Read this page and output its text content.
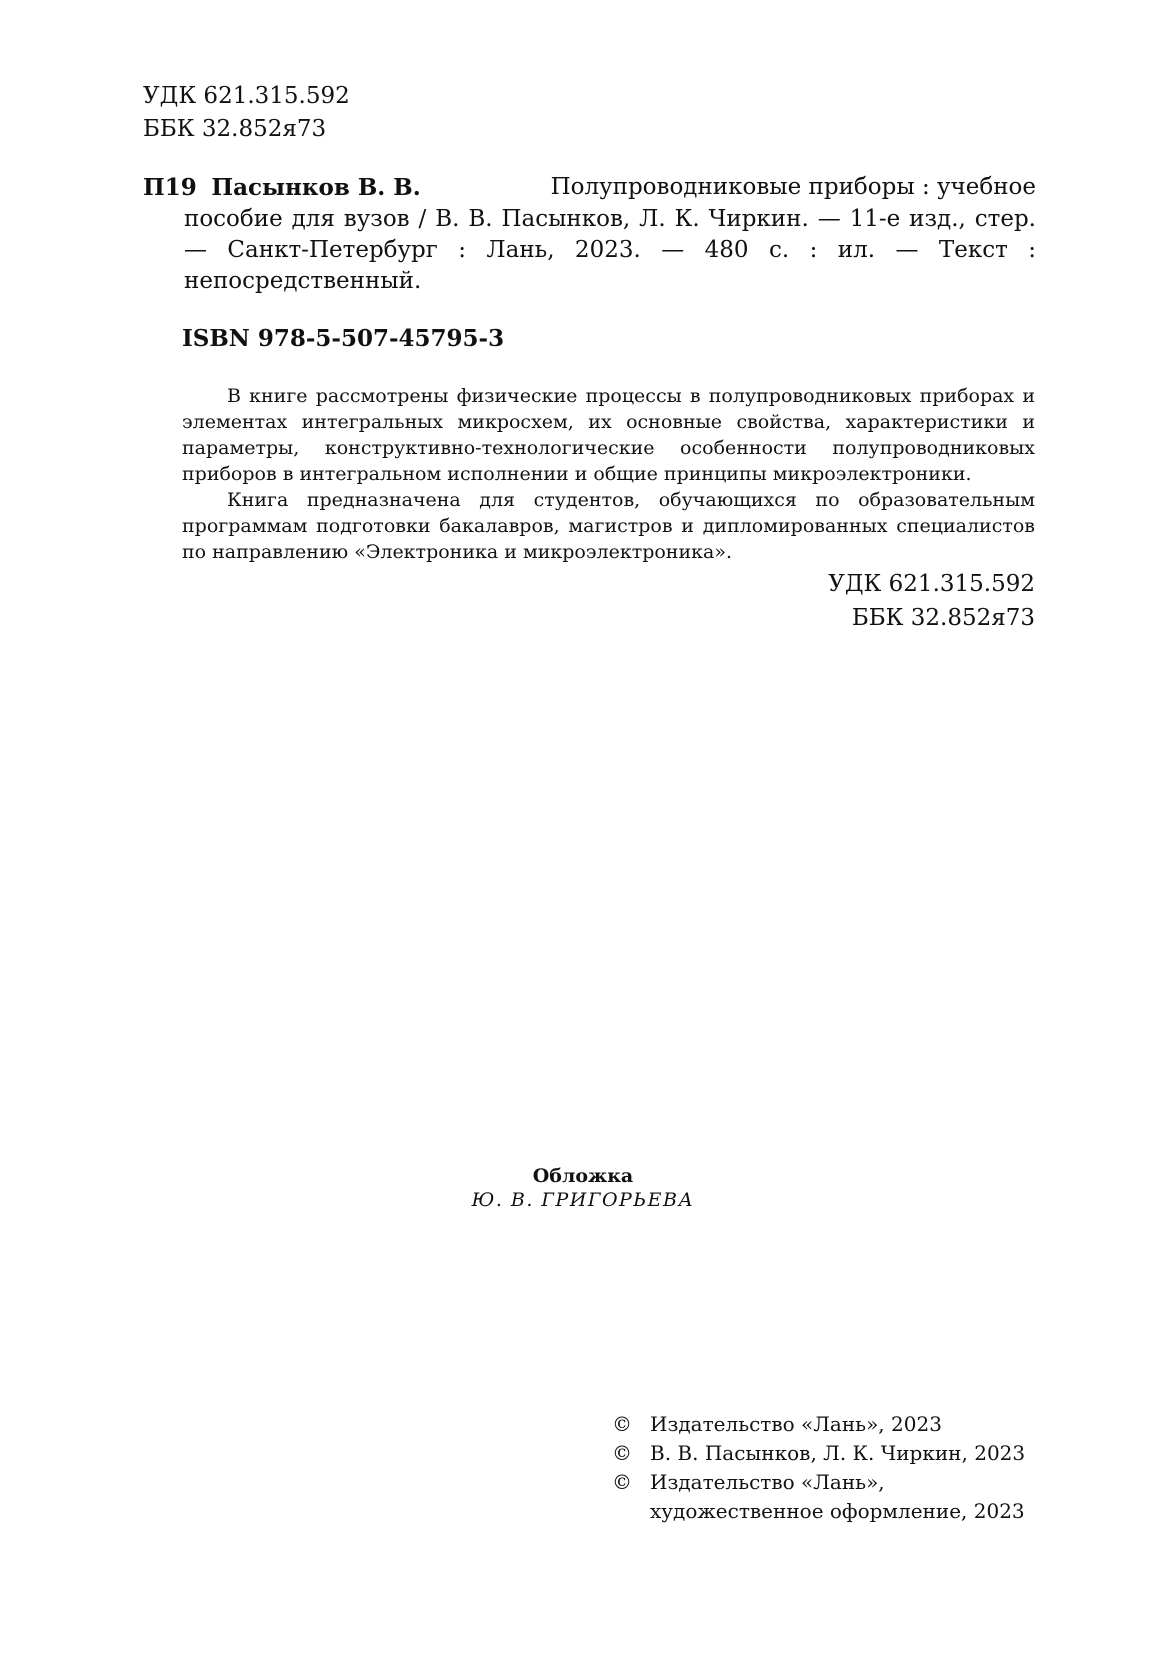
УДК 621.315.592
ББК 32.852я73
П19 Пасынков В. В.	Полупроводниковые приборы : учебное
пособие для вузов / В. В. Пасынков, Л. К. Чиркин. — 11-е изд., стер. — Санкт-Петербург : Лань, 2023. — 480 с. : ил. — Текст : непосредственный.
ISBN 978-5-507-45795-3

В книге рассмотрены физические процессы в полупроводниковых приборах и элементах интегральных микросхем, их основные свойства, характеристики и параметры, конструктивно-технологические особенности полупроводниковых приборов в интегральном исполнении и общие принципы микроэлектроники.

Книга предназначена для студентов, обучающихся по образовательным программам подготовки бакалавров, магистров и дипломированных специалистов по направлению «Электроника и микроэлектроника».

УДК 621.315.592
ББК 32.852я73
Обложка
Ю. В. ГРИГОРЬЕВА
© Издательство «Лань», 2023
© В. В. Пасынков, Л. К. Чиркин, 2023
© Издательство «Лань»,
художественное оформление, 2023
